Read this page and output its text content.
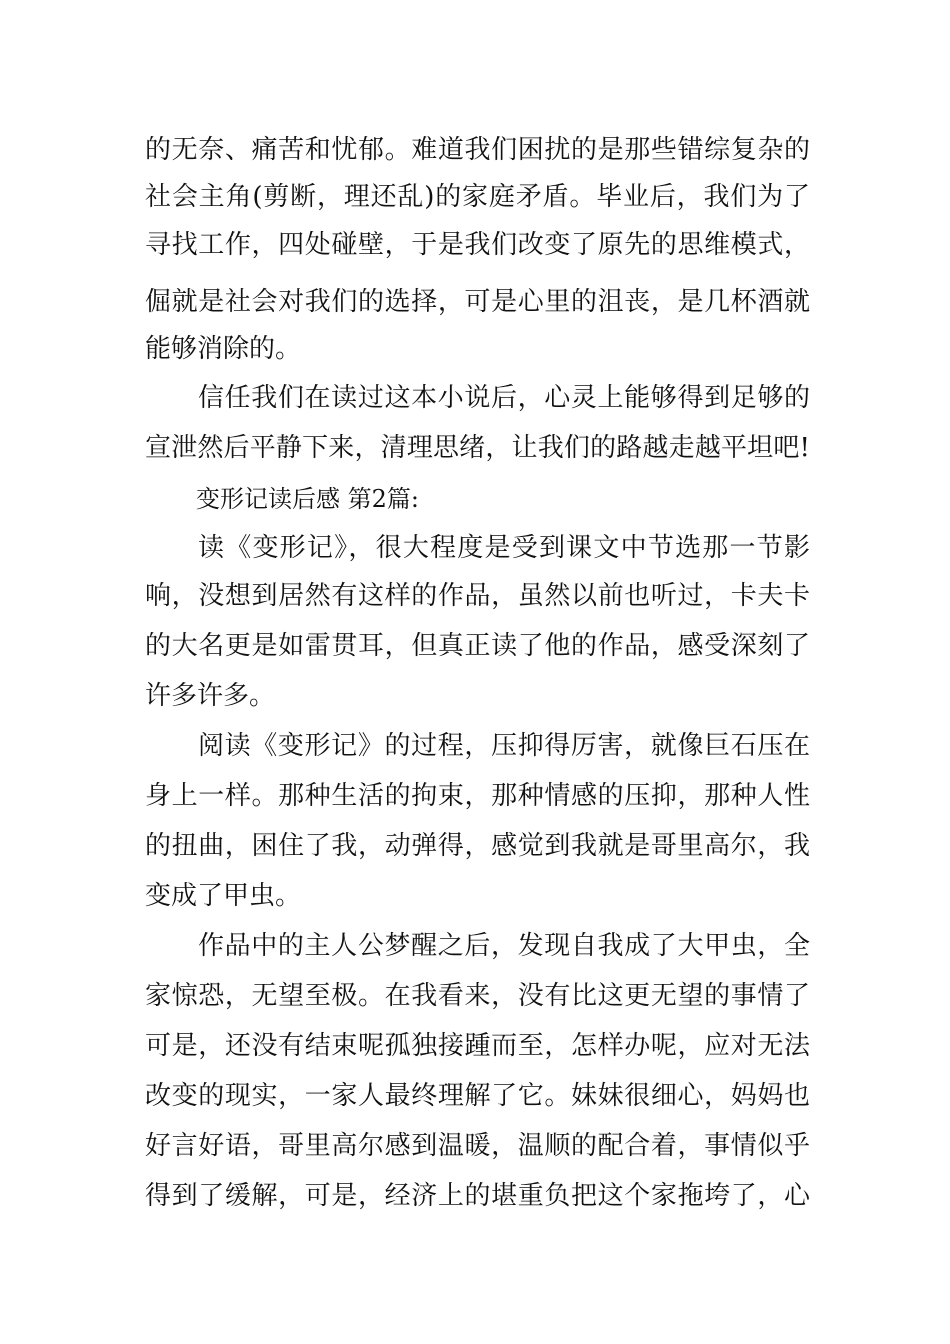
的无奈、痛苦和忧郁。难道我们困扰的是那些错综复杂的
社会主角(剪断，理还乱)的家庭矛盾。毕业后，我们为了
寻找工作，四处碰壁，于是我们改变了原先的思维模式，
倔就是社会对我们的选择，可是心里的沮丧，是几杯酒就
能够消除的。
信任我们在读过这本小说后，心灵上能够得到足够的
宣泄然后平静下来，清理思绪，让我们的路越走越平坦吧!
变形记读后感 第2篇:
读《变形记》，很大程度是受到课文中节选那一节影
响，没想到居然有这样的作品，虽然以前也听过，卡夫卡
的大名更是如雷贯耳，但真正读了他的作品，感受深刻了
许多许多。
阅读《变形记》的过程，压抑得厉害，就像巨石压在
身上一样。那种生活的拘束，那种情感的压抑，那种人性
的扭曲，困住了我，动弹得，感觉到我就是哥里高尔，我
变成了甲虫。
作品中的主人公梦醒之后，发现自我成了大甲虫，全
家惊恐，无望至极。在我看来，没有比这更无望的事情了
可是，还没有结束呢孤独接踵而至，怎样办呢，应对无法
改变的现实，一家人最终理解了它。妹妹很细心，妈妈也
好言好语，哥里高尔感到温暖，温顺的配合着，事情似乎
得到了缓解，可是，经济上的堪重负把这个家拖垮了，心
